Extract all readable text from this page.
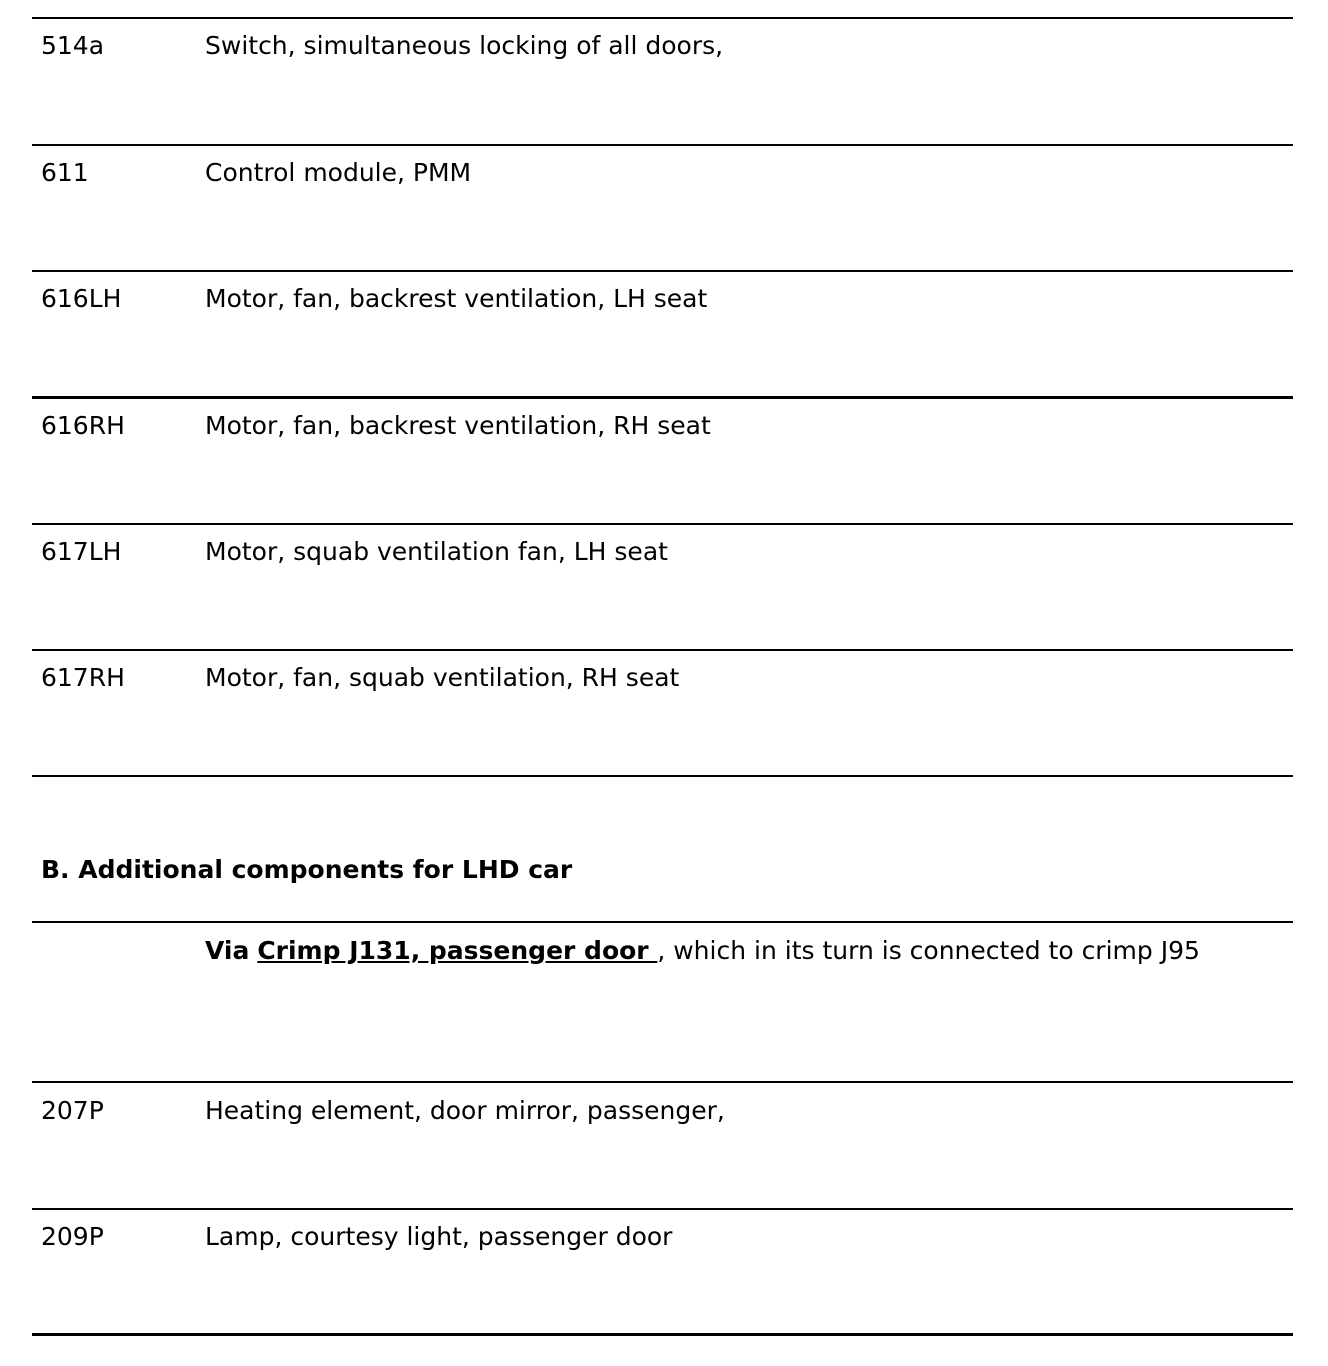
514a	Switch, simultaneous locking of all doors,
611	Control module, PMM
616LH	Motor, fan, backrest ventilation, LH seat
616RH	Motor, fan, backrest ventilation, RH seat
617LH	Motor, squab ventilation fan, LH seat
617RH	Motor, fan, squab ventilation, RH seat
B. Additional components for LHD car
Via Crimp J131, passenger door , which in its turn is connected to crimp J95
207P	Heating element, door mirror, passenger,
209P	Lamp, courtesy light, passenger door
